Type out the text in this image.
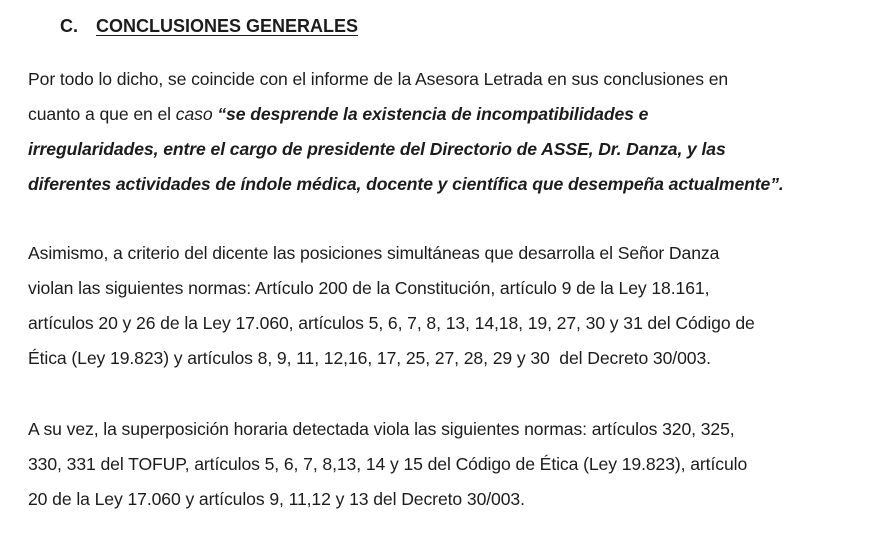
C. CONCLUSIONES GENERALES
Por todo lo dicho, se coincide con el informe de la Asesora Letrada en sus conclusiones en
cuanto a que en el caso “se desprende la existencia de incompatibilidades e
irregularidades, entre el cargo de presidente del Directorio de ASSE, Dr. Danza, y las
diferentes actividades de índole médica, docente y científica que desempeña actualmente”.
Asimismo, a criterio del dicente las posiciones simultáneas que desarrolla el Señor Danza
violan las siguientes normas: Artículo 200 de la Constitución, artículo 9 de la Ley 18.161,
artículos 20 y 26 de la Ley 17.060, artículos 5, 6, 7, 8, 13, 14,18, 19, 27, 30 y 31 del Código de
Ética (Ley 19.823) y artículos 8, 9, 11, 12,16, 17, 25, 27, 28, 29 y 30  del Decreto 30/003.
A su vez, la superposición horaria detectada viola las siguientes normas: artículos 320, 325,
330, 331 del TOFUP, artículos 5, 6, 7, 8,13, 14 y 15 del Código de Ética (Ley 19.823), artículo
20 de la Ley 17.060 y artículos 9, 11,12 y 13 del Decreto 30/003.
